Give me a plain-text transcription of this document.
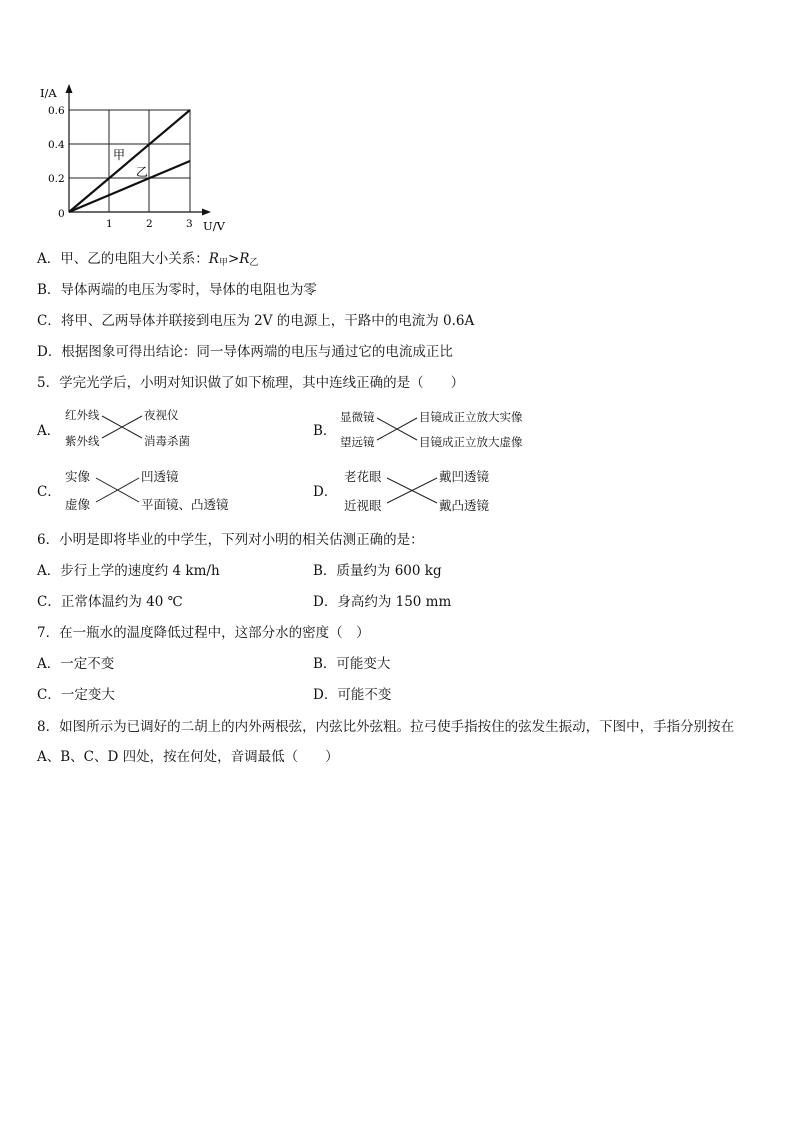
I/A
U/V
0.6
0.4
0.2
0
1	2	3
甲
乙
A．甲、乙的电阻大小关系：$R_甲>R_乙$
B．导体两端的电压为零时，导体的电阻也为零
C．将甲、乙两导体并联接到电压为 2V 的电源上，干路中的电流为 0.6A
D．根据图象可得出结论：同一导体两端的电压与通过它的电流成正比
5．学完光学后，小明对知识做了如下梳理，其中连线正确的是（　　）
A．
红外线
紫外线
夜视仪
消毒杀菌
B．
显微镜
望远镜
目镜成正立放大实像
目镜成正立放大虚像
C．
实像
虚像
凹透镜
平面镜、凸透镜
D．
老花眼
近视眼
戴凹透镜
戴凸透镜
6．小明是即将毕业的中学生，下列对小明的相关估测正确的是：
A．步行上学的速度约 4 km/h	B．质量约为 600 kg
C．正常体温约为 40 ℃	D．身高约为 150 mm
7．在一瓶水的温度降低过程中，这部分水的密度（　）
A．一定不变	B．可能变大
C．一定变大	D．可能不变
8．如图所示为已调好的二胡上的内外两根弦，内弦比外弦粗。拉弓使手指按住的弦发生振动，下图中，手指分别按在
A、B、C、D 四处，按在何处，音调最低（　　）
